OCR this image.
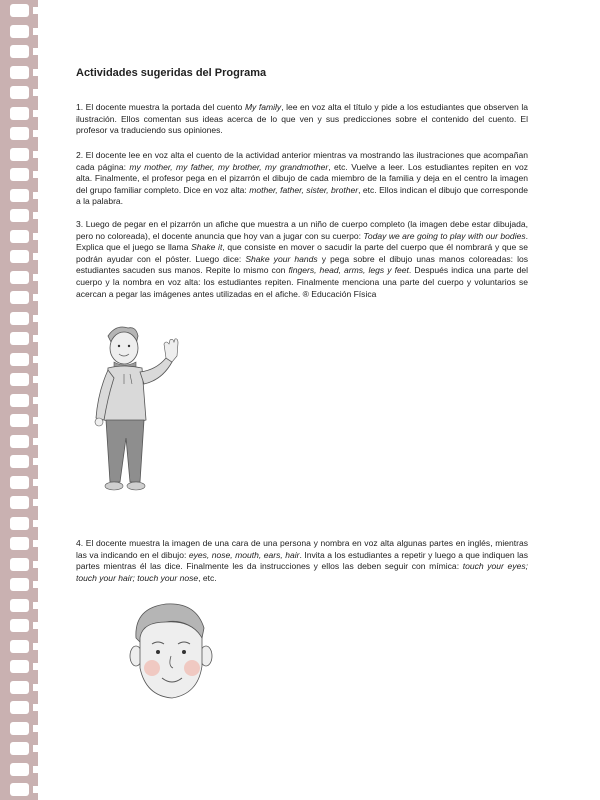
Actividades sugeridas del Programa

1. El docente muestra la portada del cuento My family, lee en voz alta el título y pide a los estudiantes que observen la ilustración. Ellos comentan sus ideas acerca de lo que ven y sus predicciones sobre el contenido del cuento. El profesor va traduciendo sus opiniones.

2. El docente lee en voz alta el cuento de la actividad anterior mientras va mostrando las ilustraciones que acompañan cada página: my mother, my father, my brother, my grandmother, etc. Vuelve a leer. Los estudiantes repiten en voz alta. Finalmente, el profesor pega en el pizarrón el dibujo de cada miembro de la familia y deja en el centro la imagen del grupo familiar completo. Dice en voz alta: mother, father, sister, brother, etc. Ellos indican el dibujo que corresponde a la palabra.

3. Luego de pegar en el pizarrón un afiche que muestra a un niño de cuerpo completo (la imagen debe estar dibujada, pero no coloreada), el docente anuncia que hoy van a jugar con su cuerpo: Today we are going to play with our bodies. Explica que el juego se llama Shake it, que consiste en mover o sacudir la parte del cuerpo que él nombrará y que se podrán ayudar con el póster. Luego dice: Shake your hands y pega sobre el dibujo unas manos coloreadas: los estudiantes sacuden sus manos. Repite lo mismo con fingers, head, arms, legs y feet. Después indica una parte del cuerpo y la nombra en voz alta: los estudiantes repiten. Finalmente menciona una parte del cuerpo y voluntarios se acercan a pegar las imágenes antes utilizadas en el afiche. ® Educación Física

4. El docente muestra la imagen de una cara de una persona y nombra en voz alta algunas partes en inglés, mientras las va indicando en el dibujo: eyes, nose, mouth, ears, hair. Invita a los estudiantes a repetir y luego a que indiquen las partes mientras él las dice. Finalmente les da instrucciones y ellos las deben seguir con mímica: touch your eyes; touch your hair; touch your nose, etc.
